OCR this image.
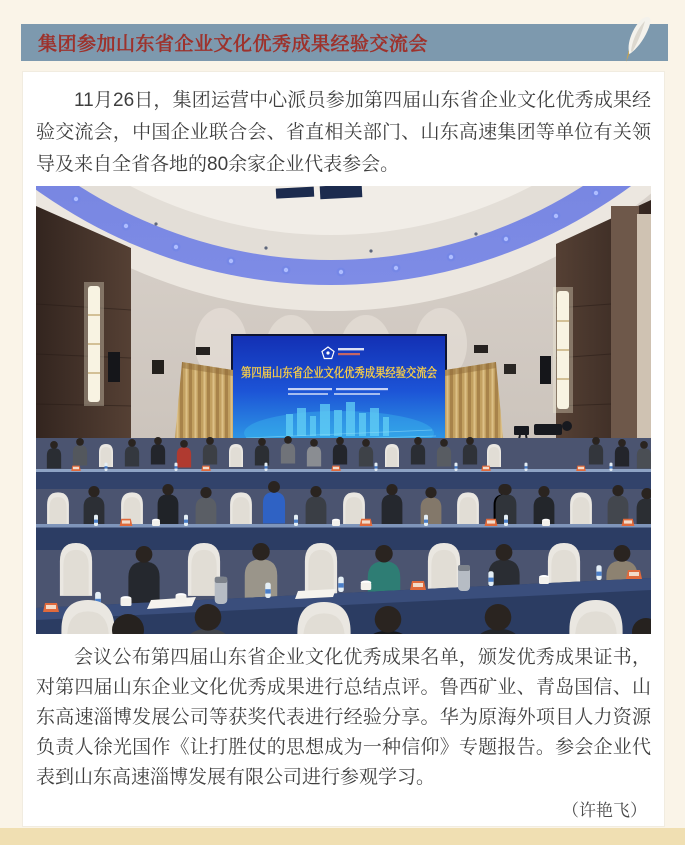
集团参加山东省企业文化优秀成果经验交流会

11月26日，集团运营中心派员参加第四届山东省企业文化优秀成果经验交流会，中国企业联合会、省直相关部门、山东高速集团等单位有关领导及来自全省各地的80余家企业代表参会。

第四届山东省企业文化优秀成果经验交流会

会议公布第四届山东省企业文化优秀成果名单，颁发优秀成果证书，对第四届山东企业文化优秀成果进行总结点评。鲁西矿业、青岛国信、山东高速淄博发展公司等获奖代表进行经验分享。华为原海外项目人力资源负责人徐光国作《让打胜仗的思想成为一种信仰》专题报告。参会企业代表到山东高速淄博发展有限公司进行参观学习。

（许艳飞）
